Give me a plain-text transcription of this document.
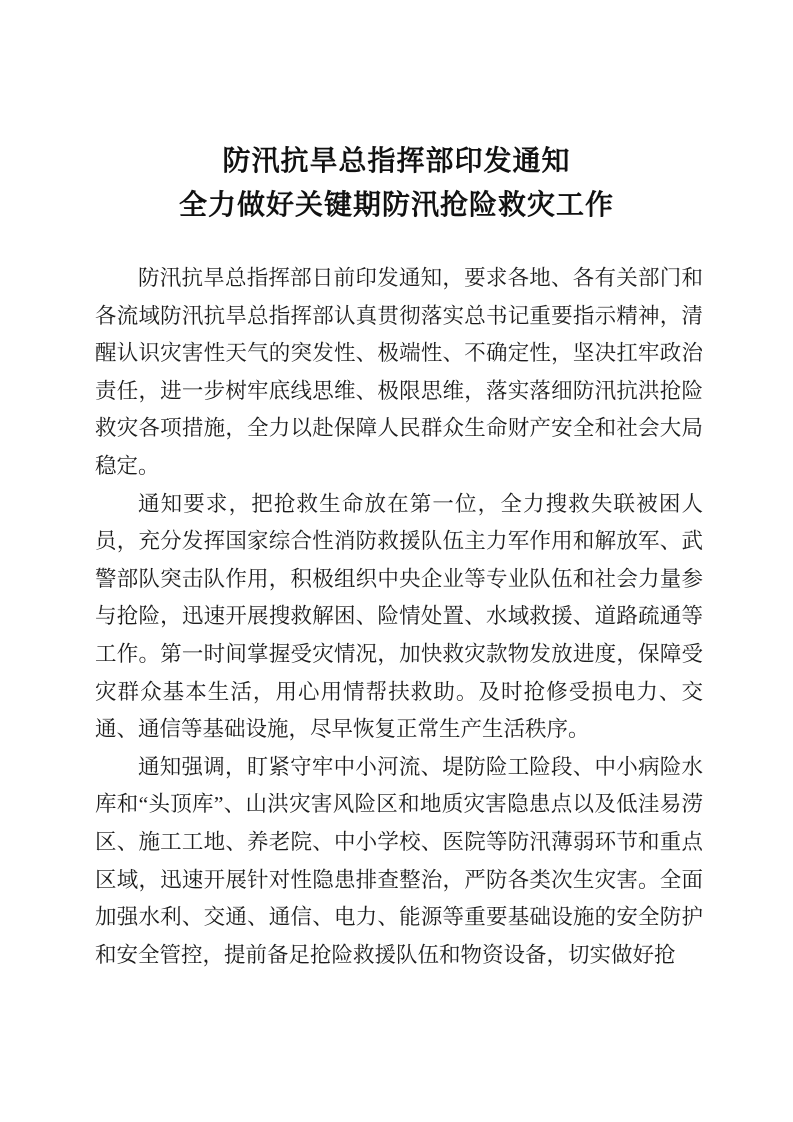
防汛抗旱总指挥部印发通知
全力做好关键期防汛抢险救灾工作

防汛抗旱总指挥部日前印发通知，要求各地、各有关部门和各流域防汛抗旱总指挥部认真贯彻落实总书记重要指示精神，清醒认识灾害性天气的突发性、极端性、不确定性，坚决扛牢政治责任，进一步树牢底线思维、极限思维，落实落细防汛抗洪抢险救灾各项措施，全力以赴保障人民群众生命财产安全和社会大局稳定。

通知要求，把抢救生命放在第一位，全力搜救失联被困人员，充分发挥国家综合性消防救援队伍主力军作用和解放军、武警部队突击队作用，积极组织中央企业等专业队伍和社会力量参与抢险，迅速开展搜救解困、险情处置、水域救援、道路疏通等工作。第一时间掌握受灾情况，加快救灾款物发放进度，保障受灾群众基本生活，用心用情帮扶救助。及时抢修受损电力、交通、通信等基础设施，尽早恢复正常生产生活秩序。

通知强调，盯紧守牢中小河流、堤防险工险段、中小病险水库和“头顶库”、山洪灾害风险区和地质灾害隐患点以及低洼易涝区、施工工地、养老院、中小学校、医院等防汛薄弱环节和重点区域，迅速开展针对性隐患排查整治，严防各类次生灾害。全面加强水利、交通、通信、电力、能源等重要基础设施的安全防护和安全管控，提前备足抢险救援队伍和物资设备，切实做好抢
